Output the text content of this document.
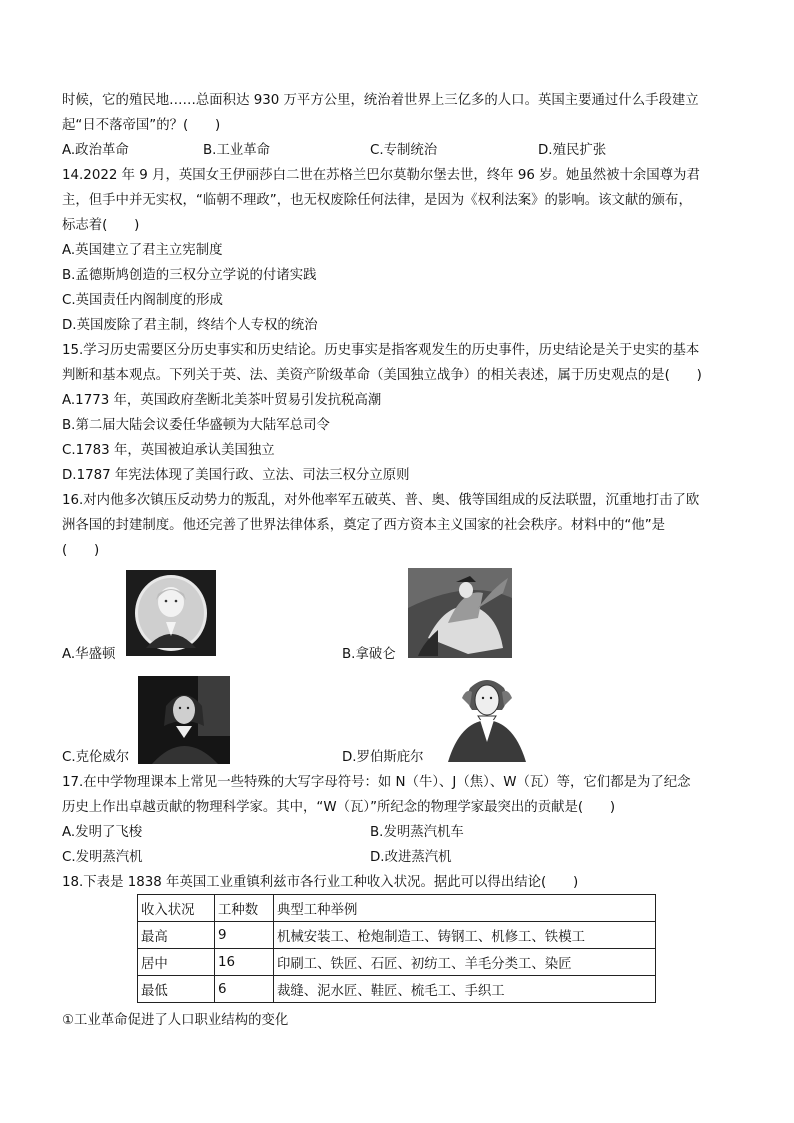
时候，它的殖民地……总面积达 930 万平方公里，统治着世界上三亿多的人口。英国主要通过什么手段建立
起“日不落帝国”的？(　　)
A.政治革命	B.工业革命	C.专制统治	D.殖民扩张
14.2022 年 9 月，英国女王伊丽莎白二世在苏格兰巴尔莫勒尔堡去世，终年 96 岁。她虽然被十余国尊为君
主，但手中并无实权，“临朝不理政”，也无权废除任何法律，是因为《权利法案》的影响。该文献的颁布，
标志着(　　)
A.英国建立了君主立宪制度
B.孟德斯鸠创造的三权分立学说的付诸实践
C.英国责任内阁制度的形成
D.英国废除了君主制，终结个人专权的统治
15.学习历史需要区分历史事实和历史结论。历史事实是指客观发生的历史事件，历史结论是关于史实的基本
判断和基本观点。下列关于英、法、美资产阶级革命（美国独立战争）的相关表述，属于历史观点的是(　　)
A.1773 年，英国政府垄断北美茶叶贸易引发抗税高潮
B.第二届大陆会议委任华盛顿为大陆军总司令
C.1783 年，英国被迫承认美国独立
D.1787 年宪法体现了美国行政、立法、司法三权分立原则
16.对内他多次镇压反动势力的叛乱，对外他率军五破英、普、奥、俄等国组成的反法联盟，沉重地打击了欧
洲各国的封建制度。他还完善了世界法律体系，奠定了西方资本主义国家的社会秩序。材料中的“他”是
(　　)
A.华盛顿	B.拿破仑
C.克伦威尔	D.罗伯斯庇尔
17.在中学物理课本上常见一些特殊的大写字母符号：如 N（牛）、J（焦）、W（瓦）等，它们都是为了纪念
历史上作出卓越贡献的物理科学家。其中，“W（瓦）”所纪念的物理学家最突出的贡献是(　　)
A.发明了飞梭	B.发明蒸汽机车
C.发明蒸汽机	D.改进蒸汽机
18.下表是 1838 年英国工业重镇利兹市各行业工种收入状况。据此可以得出结论(　　)
收入状况	工种数	典型工种举例
最高	9	机械安装工、枪炮制造工、铸钢工、机修工、铁模工
居中	16	印刷工、铁匠、石匠、初纺工、羊毛分类工、染匠
最低	6	裁缝、泥水匠、鞋匠、梳毛工、手织工
①工业革命促进了人口职业结构的变化
